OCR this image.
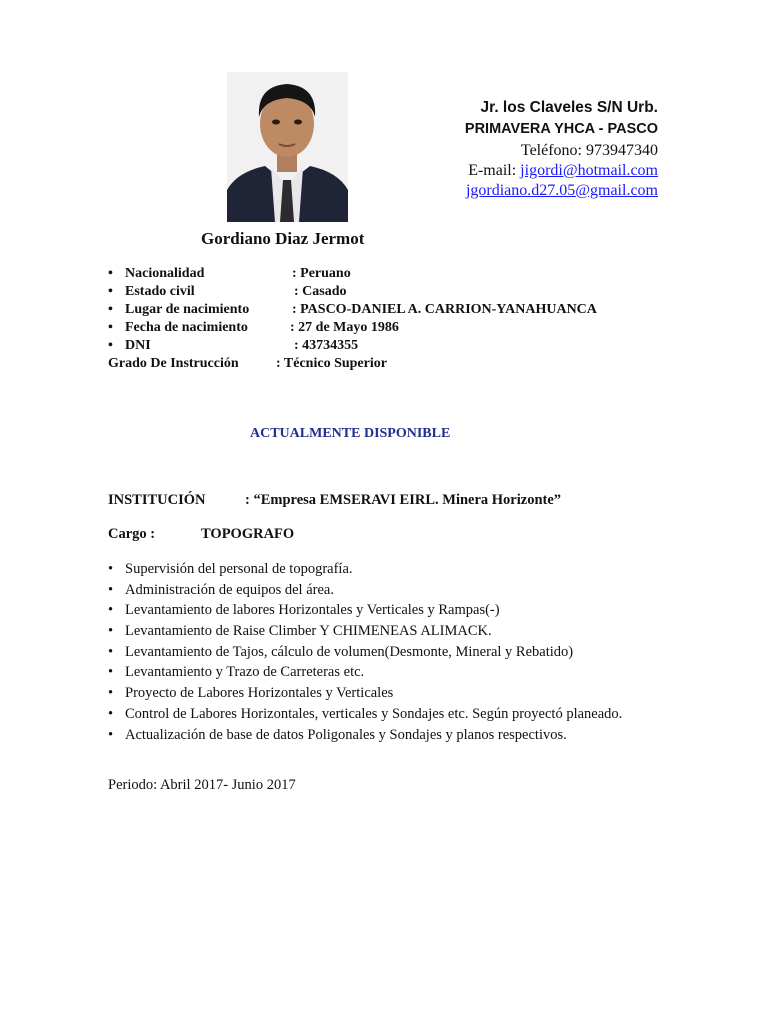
Jr. los Claveles S/N Urb.
PRIMAVERA YHCA - PASCO
Teléfono: 973947340
E-mail: jigordi@hotmail.com
jgordiano.d27.05@gmail.com
Gordiano Diaz Jermot
• Nacionalidad	: Peruano
• Estado civil	: Casado
• Lugar de nacimiento	: PASCO-DANIEL A. CARRION-YANAHUANCA
• Fecha de nacimiento	: 27 de Mayo 1986
• DNI	: 43734355
Grado De Instrucción	: Técnico Superior
ACTUALMENTE DISPONIBLE
INSTITUCIÓN	: “Empresa EMSERAVI EIRL. Minera Horizonte”
Cargo :	TOPOGRAFO
• Supervisión del personal de topografía.
• Administración de equipos del área.
• Levantamiento de labores Horizontales y Verticales y Rampas(-)
• Levantamiento de Raise Climber Y CHIMENEAS ALIMACK.
• Levantamiento de Tajos, cálculo de volumen(Desmonte, Mineral y Rebatido)
• Levantamiento y Trazo de Carreteras etc.
• Proyecto de Labores Horizontales y Verticales
• Control de Labores Horizontales, verticales y Sondajes etc. Según proyectó planeado.
• Actualización de base de datos Poligonales y Sondajes y planos respectivos.
Periodo: Abril 2017- Junio 2017
